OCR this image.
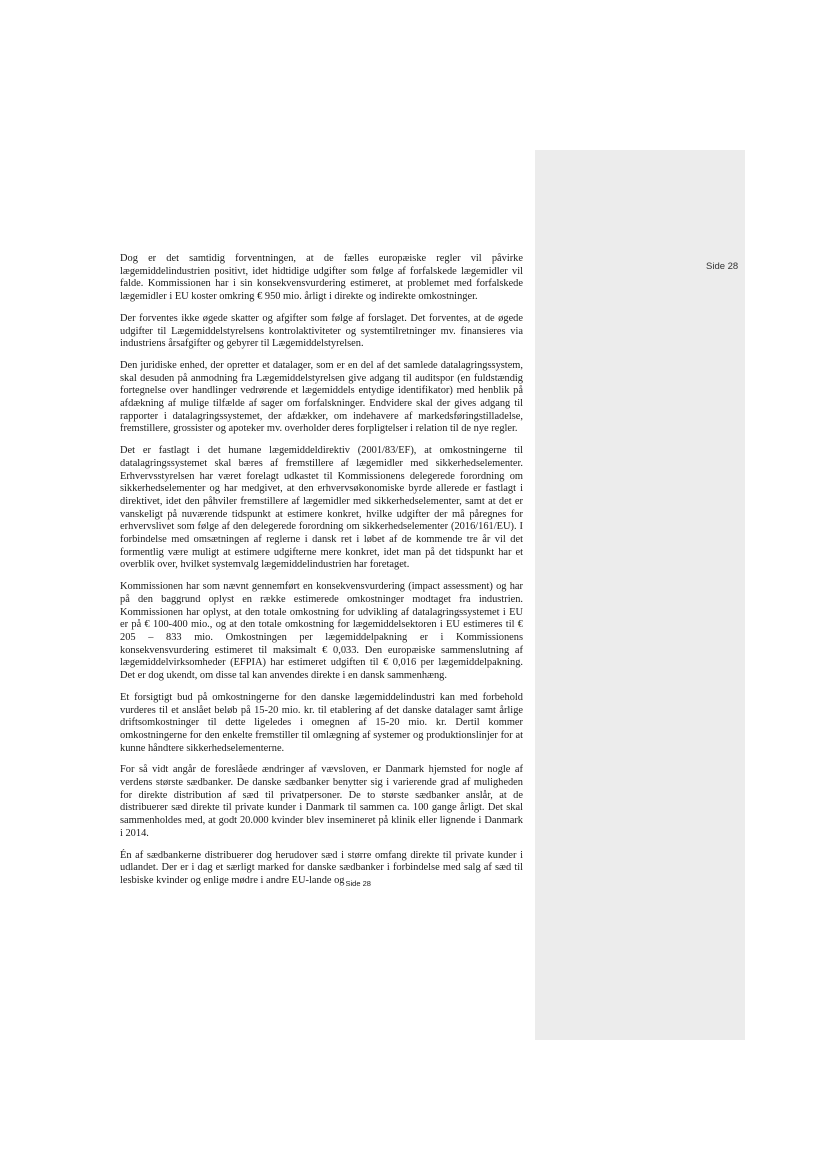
Side 28

Dog er det samtidig forventningen, at de fælles europæiske regler vil påvirke lægemiddelindustrien positivt, idet hidtidige udgifter som følge af forfalskede lægemidler vil falde. Kommissionen har i sin konsekvensvurdering estimeret, at problemet med forfalskede lægemidler i EU koster omkring € 950 mio. årligt i direkte og indirekte omkostninger.

Der forventes ikke øgede skatter og afgifter som følge af forslaget. Det forventes, at de øgede udgifter til Lægemiddelstyrelsens kontrolaktiviteter og systemtilretninger mv. finansieres via industriens årsafgifter og gebyrer til Lægemiddelstyrelsen.

Den juridiske enhed, der opretter et datalager, som er en del af det samlede datalagringssystem, skal desuden på anmodning fra Lægemiddelstyrelsen give adgang til auditspor (en fuldstændig fortegnelse over handlinger vedrørende et lægemiddels entydige identifikator) med henblik på afdækning af mulige tilfælde af sager om forfalskninger. Endvidere skal der gives adgang til rapporter i datalagringssystemet, der afdækker, om indehavere af markedsføringstilladelse, fremstillere, grossister og apoteker mv. overholder deres forpligtelser i relation til de nye regler.

Det er fastlagt i det humane lægemiddeldirektiv (2001/83/EF), at omkostningerne til datalagringssystemet skal bæres af fremstillere af lægemidler med sikkerhedselementer. Erhvervsstyrelsen har været forelagt udkastet til Kommissionens delegerede forordning om sikkerhedselementer og har medgivet, at den erhvervsøkonomiske byrde allerede er fastlagt i direktivet, idet den påhviler fremstillere af lægemidler med sikkerhedselementer, samt at det er vanskeligt på nuværende tidspunkt at estimere konkret, hvilke udgifter der må påregnes for erhvervslivet som følge af den delegerede forordning om sikkerhedselementer (2016/161/EU). I forbindelse med omsætningen af reglerne i dansk ret i løbet af de kommende tre år vil det formentlig være muligt at estimere udgifterne mere konkret, idet man på det tidspunkt har et overblik over, hvilket systemvalg lægemiddelindustrien har foretaget.

Kommissionen har som nævnt gennemført en konsekvensvurdering (impact assessment) og har på den baggrund oplyst en række estimerede omkostninger modtaget fra industrien. Kommissionen har oplyst, at den totale omkostning for udvikling af datalagringssystemet i EU er på € 100-400 mio., og at den totale omkostning for lægemiddelsektoren i EU estimeres til € 205 – 833 mio. Omkostningen per lægemiddelpakning er i Kommissionens konsekvensvurdering estimeret til maksimalt € 0,033. Den europæiske sammenslutning af lægemiddelvirksomheder (EFPIA) har estimeret udgiften til € 0,016 per lægemiddelpakning. Det er dog ukendt, om disse tal kan anvendes direkte i en dansk sammenhæng.

Et forsigtigt bud på omkostningerne for den danske lægemiddelindustri kan med forbehold vurderes til et anslået beløb på 15-20 mio. kr. til etablering af det danske datalager samt årlige driftsomkostninger til dette ligeledes i omegnen af 15-20 mio. kr. Dertil kommer omkostningerne for den enkelte fremstiller til omlægning af systemer og produktionslinjer for at kunne håndtere sikkerhedselementerne.

For så vidt angår de foreslåede ændringer af vævsloven, er Danmark hjemsted for nogle af verdens største sædbanker. De danske sædbanker benytter sig i varierende grad af muligheden for direkte distribution af sæd til privatpersoner. De to største sædbanker anslår, at de distribuerer sæd direkte til private kunder i Danmark til sammen ca. 100 gange årligt. Det skal sammenholdes med, at godt 20.000 kvinder blev insemineret på klinik eller lignende i Danmark i 2014.

Én af sædbankerne distribuerer dog herudover sæd i større omfang direkte til private kunder i udlandet. Der er i dag et særligt marked for danske sædbanker i forbindelse med salg af sæd til lesbiske kvinder og enlige mødre i andre EU-lande $og_{Side 28}$
